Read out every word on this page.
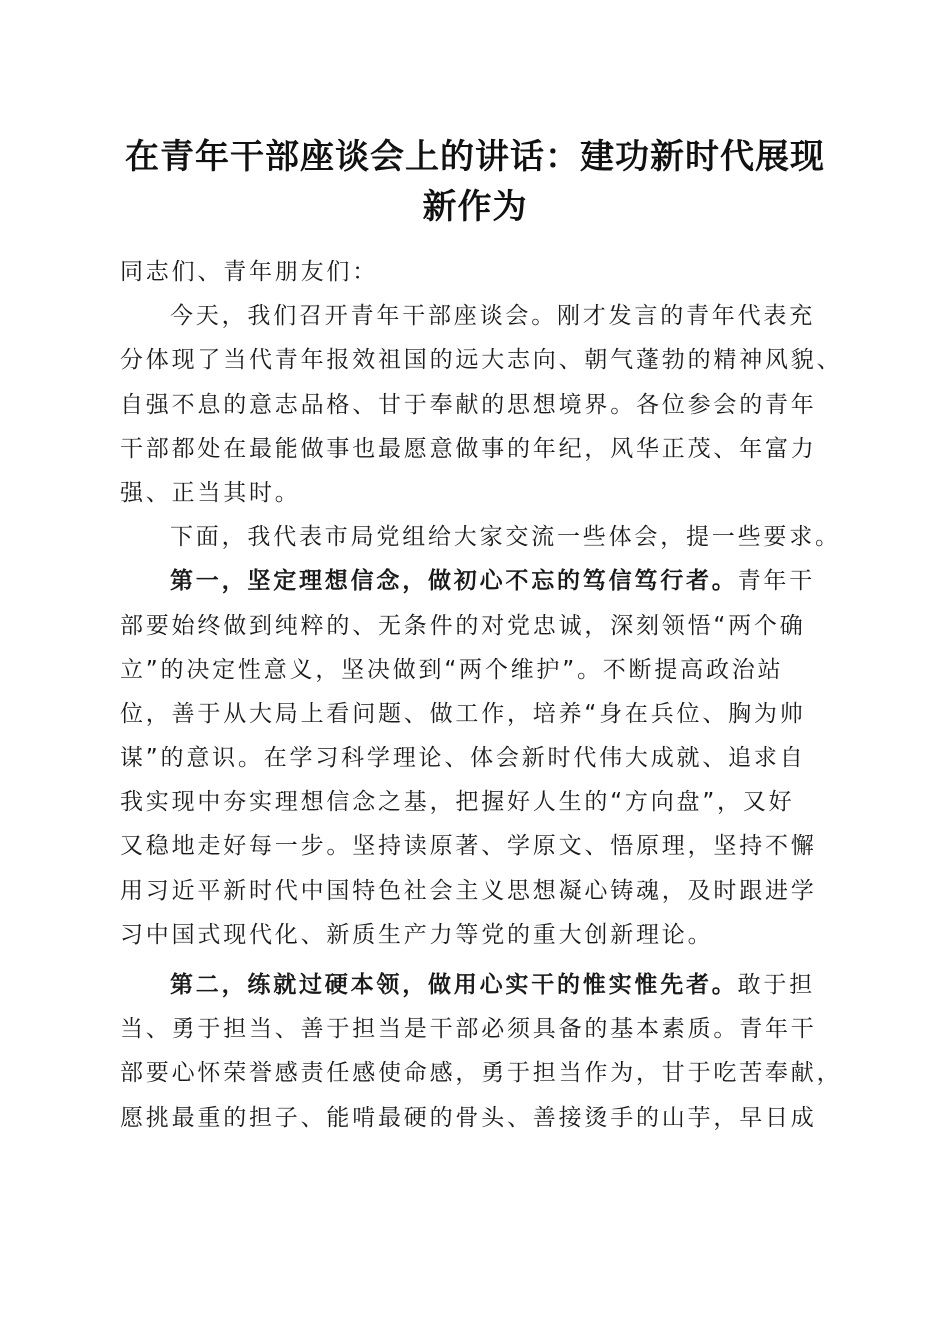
在青年干部座谈会上的讲话：建功新时代展现
新作为
同志们、青年朋友们：
今天，我们召开青年干部座谈会。刚才发言的青年代表充
分体现了当代青年报效祖国的远大志向、朝气蓬勃的精神风貌、
自强不息的意志品格、甘于奉献的思想境界。各位参会的青年
干部都处在最能做事也最愿意做事的年纪，风华正茂、年富力
强、正当其时。
下面，我代表市局党组给大家交流一些体会，提一些要求。
第一，坚定理想信念，做初心不忘的笃信笃行者。青年干
部要始终做到纯粹的、无条件的对党忠诚，深刻领悟“两个确
立”的决定性意义，坚决做到“两个维护”。不断提高政治站
位，善于从大局上看问题、做工作，培养“身在兵位、胸为帅
谋”的意识。在学习科学理论、体会新时代伟大成就、追求自
我实现中夯实理想信念之基，把握好人生的“方向盘”，又好
又稳地走好每一步。坚持读原著、学原文、悟原理，坚持不懈
用习近平新时代中国特色社会主义思想凝心铸魂，及时跟进学
习中国式现代化、新质生产力等党的重大创新理论。
第二，练就过硬本领，做用心实干的惟实惟先者。敢于担
当、勇于担当、善于担当是干部必须具备的基本素质。青年干
部要心怀荣誉感责任感使命感，勇于担当作为，甘于吃苦奉献，
愿挑最重的担子、能啃最硬的骨头、善接烫手的山芋，早日成
